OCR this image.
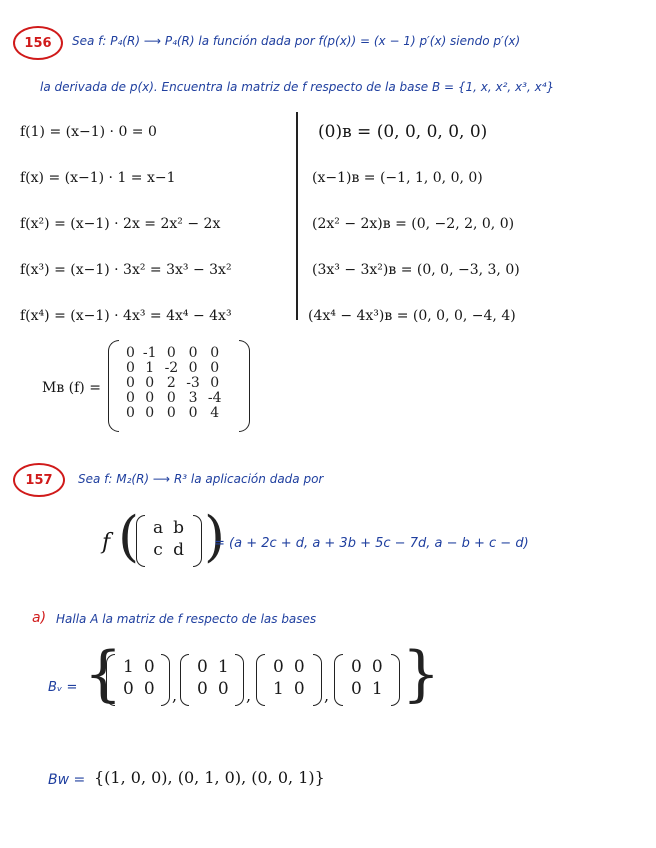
156	Sea f: P₄(R) ⟶ P₄(R) la función dada por f(p(x)) = (x − 1) p′(x) siendo p′(x)
la derivada de p(x). Encuentra la matriz de f respecto de la base B = {1, x, x², x³, x⁴}
f(1) = (x−1) · 0 = 0
f(x) = (x−1) · 1 = x−1
f(x²) = (x−1) · 2x = 2x² − 2x
f(x³) = (x−1) · 3x² = 3x³ − 3x²
f(x⁴) = (x−1) · 4x³ = 4x⁴ − 4x³
(0)ʙ = (0, 0, 0, 0, 0)
(x−1)ʙ = (−1, 1, 0, 0, 0)
(2x² − 2x)ʙ = (0, −2, 2, 0, 0)
(3x³ − 3x²)ʙ = (0, 0, −3, 3, 0)
(4x⁴ − 4x³)ʙ = (0, 0, 0, −4, 4)
Mʙ (f) =
0	-1	0	0	0
0	1	-2	0	0
0	0	2	-3	0
0	0	0	3	-4
0	0	0	0	4
157	Sea f: M₂(R) ⟶ R³ la aplicación dada por
f ( a	b
c	d )
= (a + 2c + d, a + 3b + 5c − 7d, a − b + c − d)
a) Halla A la matriz de f respecto de las bases
Bᵥ = { 1	0
0	0 ,
0	1
0	0 ,
0	0
1	0 ,
0	0
0	1 }
Bw = {(1, 0, 0), (0, 1, 0), (0, 0, 1)}
